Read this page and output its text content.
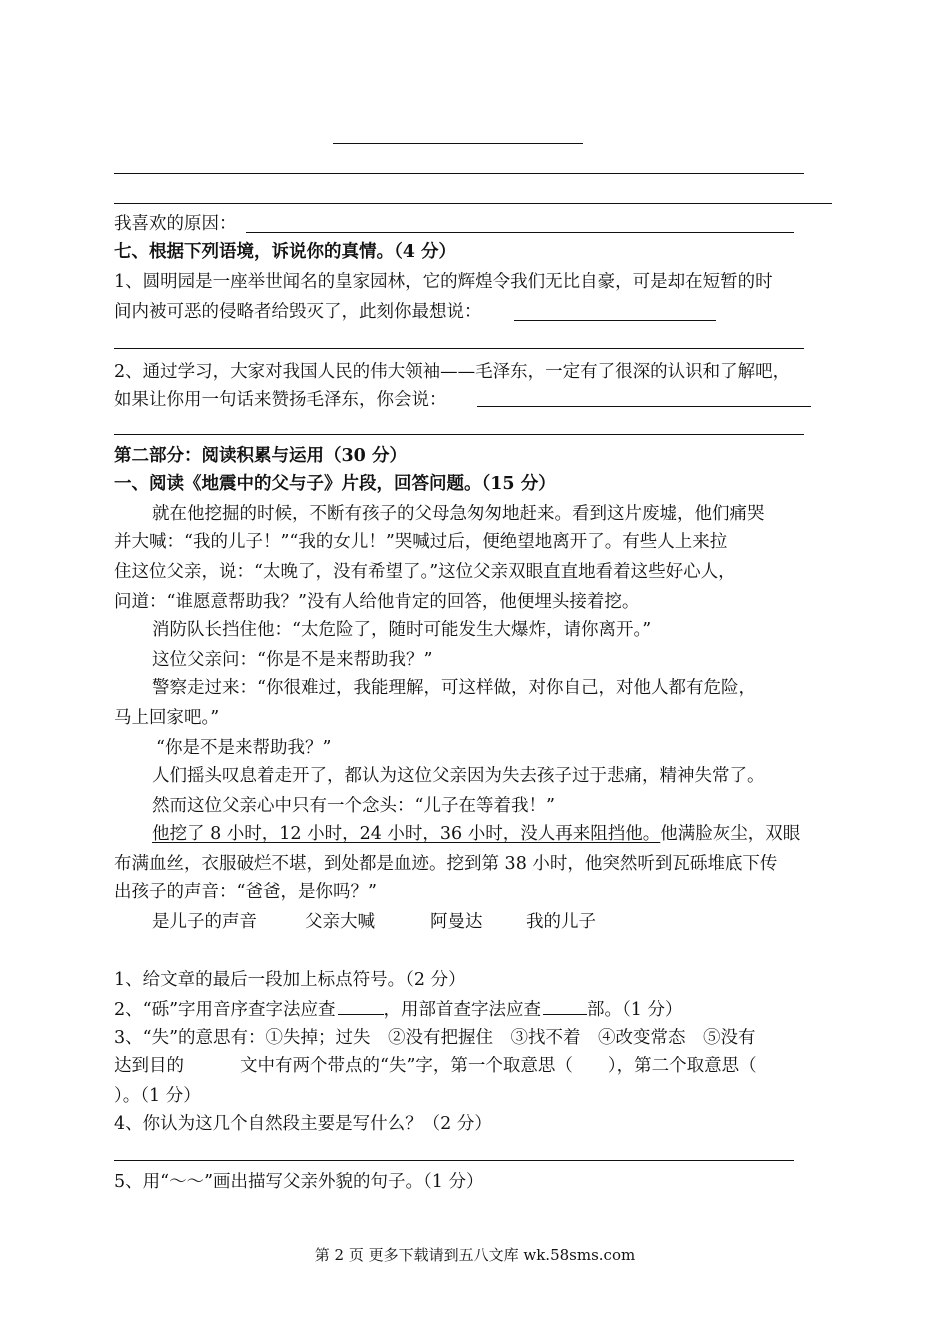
我喜欢的原因：
七、根据下列语境，诉说你的真情。（4 分）
1、圆明园是一座举世闻名的皇家园林，它的辉煌令我们无比自豪，可是却在短暂的时
间内被可恶的侵略者给毁灭了，此刻你最想说：
2、通过学习，大家对我国人民的伟大领袖——毛泽东，一定有了很深的认识和了解吧，
如果让你用一句话来赞扬毛泽东，你会说：
第二部分：阅读积累与运用（30 分）
一、阅读《地震中的父与子》片段，回答问题。（15 分）
就在他挖掘的时候，不断有孩子的父母急匆匆地赶来。看到这片废墟，他们痛哭
并大喊：“我的儿子！”“我的女儿！”哭喊过后，便绝望地离开了。有些人上来拉
住这位父亲，说：“太晚了，没有希望了。”这位父亲双眼直直地看着这些好心人，
问道：“谁愿意帮助我？”没有人给他肯定的回答，他便埋头接着挖。
消防队长挡住他：“太危险了，随时可能发生大爆炸，请你离开。”
这位父亲问：“你是不是来帮助我？”
警察走过来：“你很难过，我能理解，可这样做，对你自己，对他人都有危险，
马上回家吧。”
“你是不是来帮助我？”
人们摇头叹息着走开了，都认为这位父亲因为失去孩子过于悲痛，精神失常了。
然而这位父亲心中只有一个念头：“儿子在等着我！”
他挖了 8 小时，12 小时，24 小时，36 小时，没人再来阻挡他。他满脸灰尘，双眼
布满血丝，衣服破烂不堪，到处都是血迹。挖到第 38 小时，他突然听到瓦砾堆底下传
出孩子的声音：“爸爸，是你吗？”
是儿子的声音	父亲大喊	阿曼达 我的儿子
1、给文章的最后一段加上标点符号。（2 分）
2、“砾”字用音序查字法应查	，用部首查字法应查	部。（1 分）
3、“失”的意思有：①失掉；过失　②没有把握住　③找不着　④改变常态　⑤没有
达到目的	文中有两个带点的“失”字，第一个取意思（　　），第二个取意思（
）。（1 分）
4、你认为这几个自然段主要是写什么？（2 分）
5、用“～～”画出描写父亲外貌的句子。（1 分）
第 2 页 更多下载请到五八文库 wk.58sms.com
